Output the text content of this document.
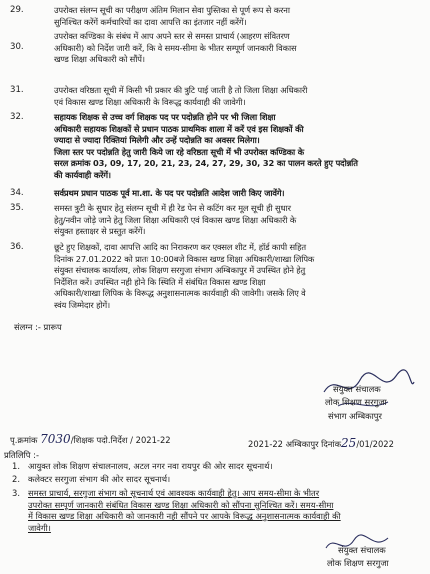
29.	उपरोक्त संलग्न सूची का परीक्षण अंतिम मिलान सेवा पुस्तिका से पूर्ण रूप से करना
सुनिश्चित करेंगें कर्मचारियों का दावा आपत्ति का इंतजार नहीं करेंगें।
30.
उपरोक्त कण्डिका के संबंध में आप अपने स्तर से समस्त प्राचार्य (आहरण संवितरण
अधिकारी) को निर्देश जारी करें, कि वे समय-सीमा के भीतर सम्पूर्ण जानकारी विकास
खण्ड शिक्षा अधिकारी को सौंपें।
31.	उपरोक्त वरिष्ठता सूची में किसी भी प्रकार की त्रुटि पाई जाती है तो जिला शिक्षा अधिकारी
एवं विकास खण्ड शिक्षा अधिकारी के विरूद्ध कार्यवाही की जावेगी।
32.	सहायक शिक्षक से उच्च वर्ग शिक्षक पद पर पदोन्नति होने पर भी जिला शिक्षा
अधिकारी सहायक शिक्षकों से प्रधान पाठक प्राथमिक शाला में करें एवं इस शिक्षकों की
ज्यादा से ज्यादा रिक्तियां मिलेगी और उन्हें पदोन्नति का अवसर मिलेगा।
जिला स्तर पर पदोन्नति हेतु जारी किये जा रहे वरिष्ठता सूची में भी उपरोक्त कण्डिका के
सरल क्रमांक 03, 09, 17, 20, 21, 23, 24, 27, 29, 30, 32 का पालन करते हुए पदोन्नति
की कार्यवाही करेंगें।
34.	सर्वप्रथम प्रधान पाठक पूर्व मा.शा. के पद पर पदोन्नति आदेश जारी किए जावेंगे।
35.	समस्त त्रुटी के सुधार हेतु संलग्न सूची में ही रेड पेन से कटिंग कर मूल सूची ही सुधार
हेतु/नवीन जोड़े जाने हेतु जिला शिक्षा अधिकारी एवं विकास खण्ड शिक्षा अधिकारी के
संयुक्त हस्ताक्षर से प्रस्तुत करेंगें।
36.	छूटे हुए शिक्षकों, दावा आपत्ति आदि का निराकरण कर एक्सल शीट में, हॉर्ड कापी सहित
दिनांक 27.01.2022 को प्रातः 10:00बजे विकास खण्ड शिक्षा अधिकारी/शाखा लिपिक
संयुक्त संचालक कार्यालय, लोक शिक्षण सरगुजा संभाग अम्बिकापुर में उपस्थित होने हेतु
निर्देशित करें। उपस्थित नही होने कि स्थिति में संबंधित विकास खण्ड शिक्षा
अधिकारी/शाखा लिपिक के विरूद्ध अनुशासनात्मक कार्यवाही की जावेगी। जसके लिए वे
स्वंय जिम्मेदार होगें।
संलग्न :- प्रारूप
संयुक्त संचालक
लोक शिक्षण सरगुजा
संभाग अम्बिकापुर
पृ.क्रमांक 7030/शिक्षक पदो.निर्देश / 2021-22	2021-22 अम्बिकापुर दिनांक25/01/2022
प्रतिलिपि :-
1. आयुक्त लोक शिक्षण संचालनालय, अटल नगर नवा रायपुर की ओर सादर सूचनार्थ।
2. कलेक्टर सरगुजा संभाग की ओर सादर सूचनार्थ।
3. समस्त प्राचार्य, सरगुजा संभाग को सूचनार्थ एवं आवश्यक कार्यवाही हेतु। आप समय-सीमा के भीतर
उपरोक्त सम्पूर्ण जानकारी संबंधित विकास खण्ड शिक्षा अधिकारी को सौंपना सुनिश्चित करें। समय-सीमा
में विकास खण्ड शिक्षा अधिकारी को जानकारी नही सौंपने पर आपके विरूद्ध अनुशासनात्मक कार्यवाही की
जावेगी।
संयुक्त संचालक
लोक शिक्षण सरगुजा
